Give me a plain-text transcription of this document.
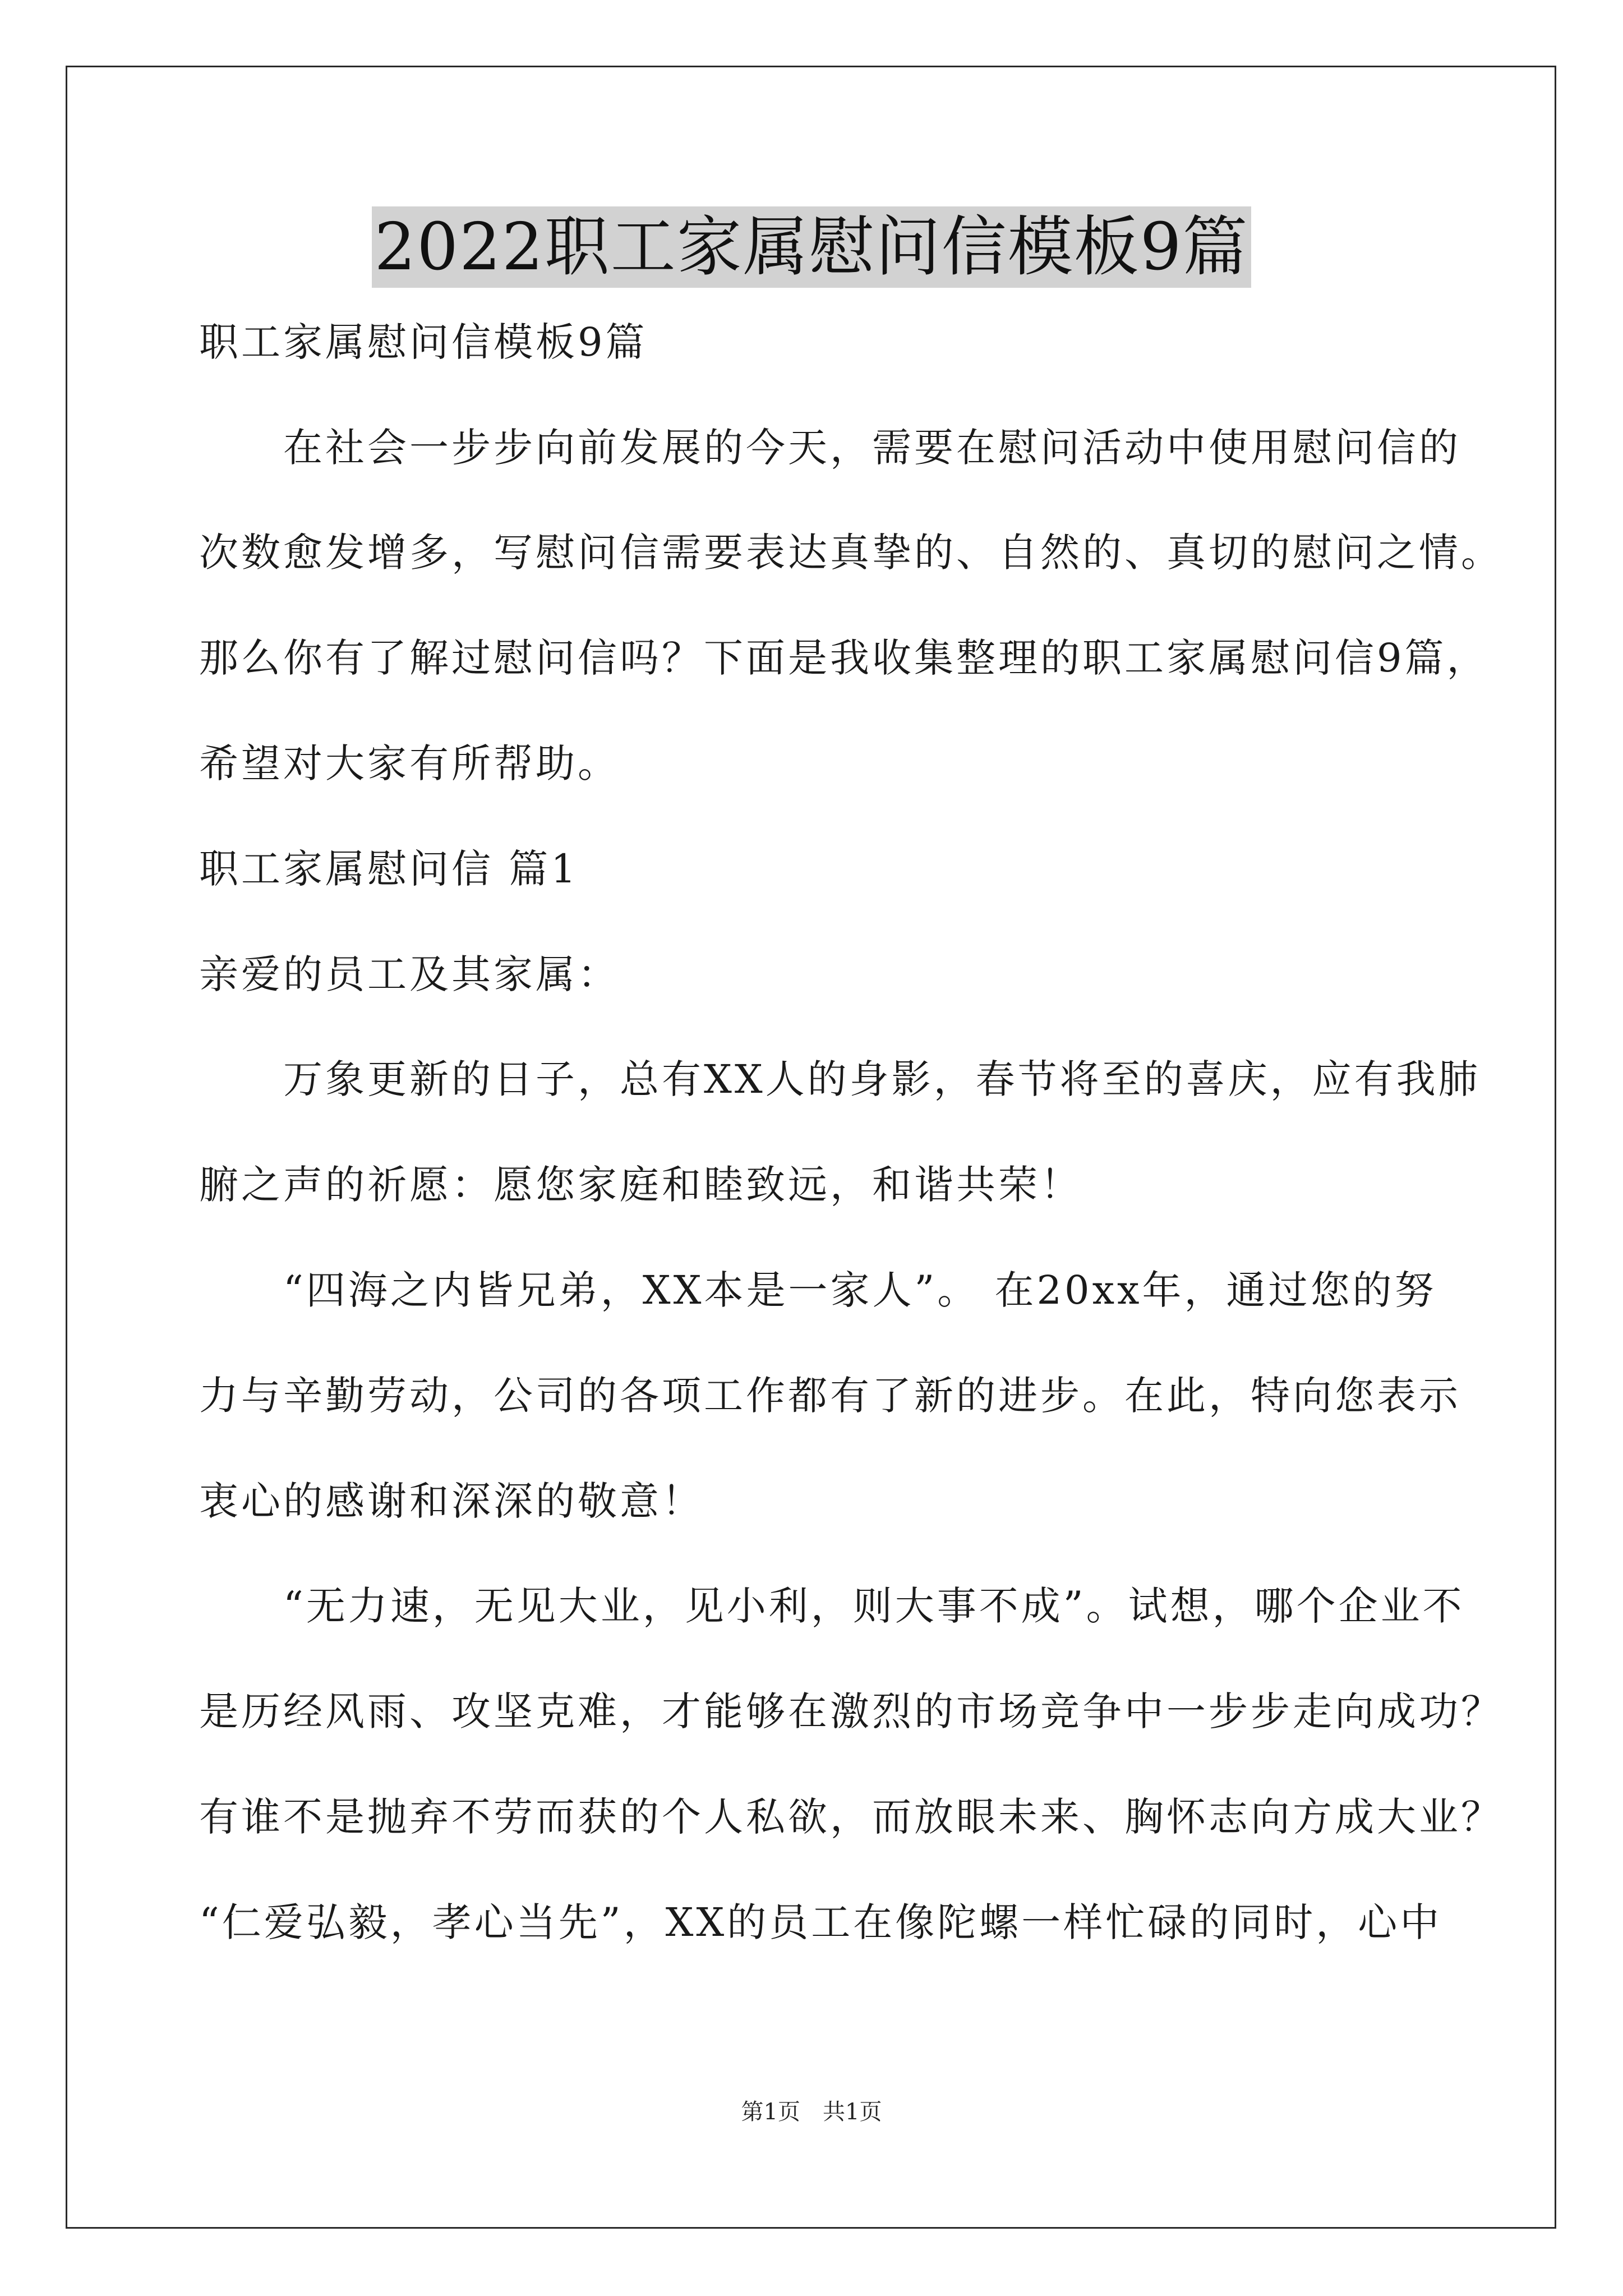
2022职工家属慰问信模板9篇
职工家属慰问信模板9篇
　　在社会一步步向前发展的今天，需要在慰问活动中使用慰问信的
次数愈发增多，写慰问信需要表达真挚的、自然的、真切的慰问之情。
那么你有了解过慰问信吗？下面是我收集整理的职工家属慰问信9篇，
希望对大家有所帮助。
职工家属慰问信 篇1
亲爱的员工及其家属：
　　万象更新的日子，总有XX人的身影，春节将至的喜庆，应有我肺
腑之声的祈愿：愿您家庭和睦致远，和谐共荣！
　　“四海之内皆兄弟，XX本是一家人”。 在20xx年，通过您的努
力与辛勤劳动，公司的各项工作都有了新的进步。在此，特向您表示
衷心的感谢和深深的敬意！
　　“无力速，无见大业，见小利，则大事不成”。试想，哪个企业不
是历经风雨、攻坚克难，才能够在激烈的市场竞争中一步步走向成功？
有谁不是抛弃不劳而获的个人私欲，而放眼未来、胸怀志向方成大业？
“仁爱弘毅，孝心当先”，XX的员工在像陀螺一样忙碌的同时，心中
第1页　共1页
